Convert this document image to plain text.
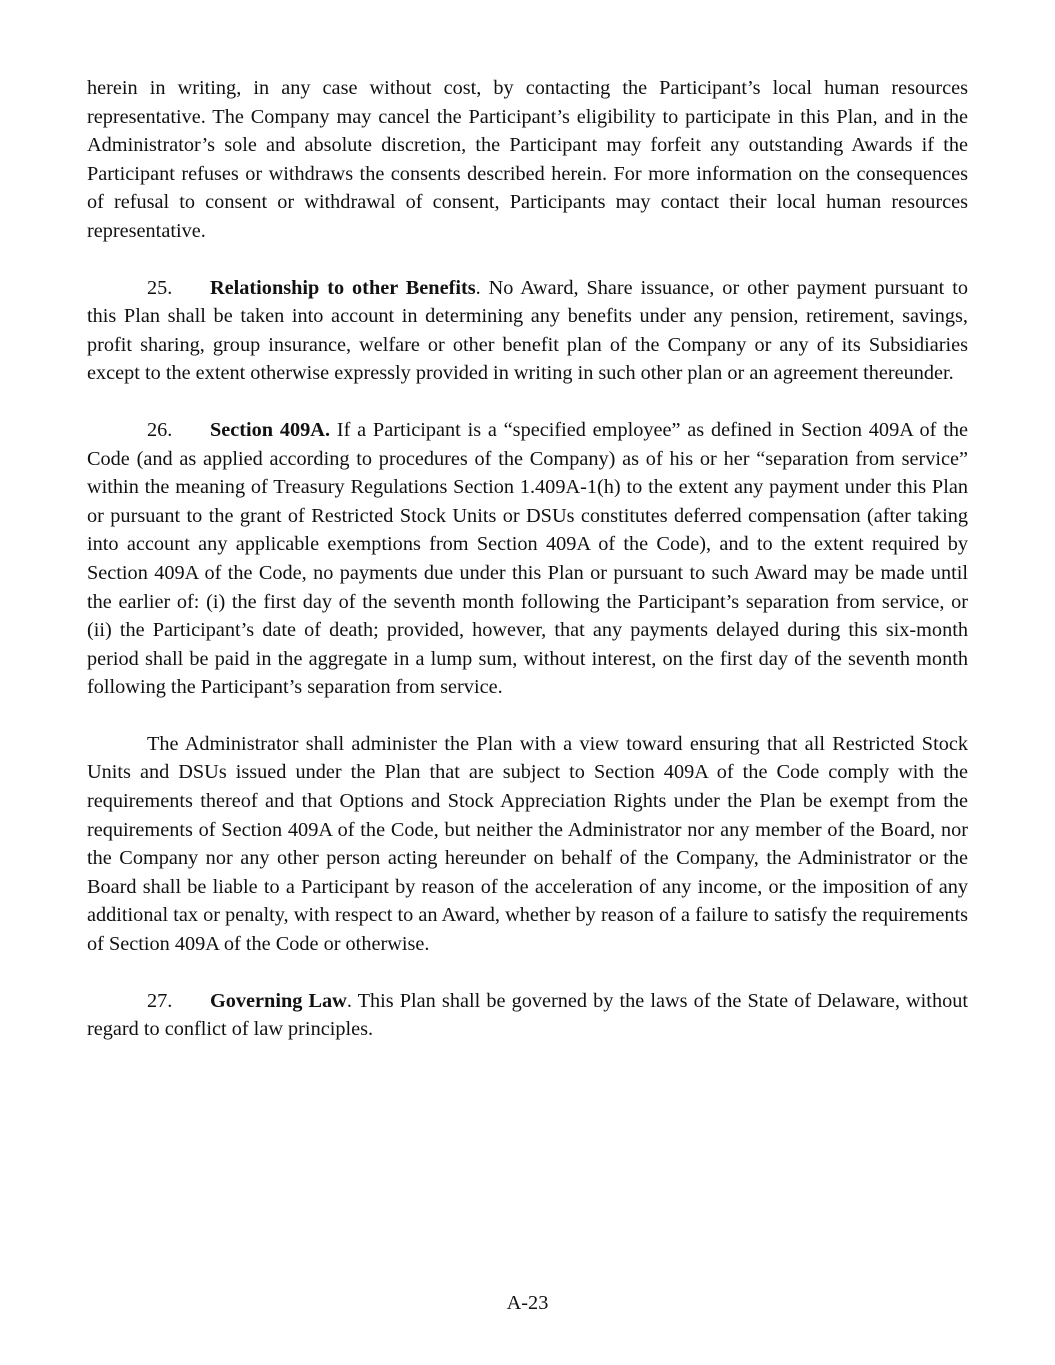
herein in writing, in any case without cost, by contacting the Participant’s local human resources representative. The Company may cancel the Participant’s eligibility to participate in this Plan, and in the Administrator’s sole and absolute discretion, the Participant may forfeit any outstanding Awards if the Participant refuses or withdraws the consents described herein. For more information on the consequences of refusal to consent or withdrawal of consent, Participants may contact their local human resources representative.

25. Relationship to other Benefits. No Award, Share issuance, or other payment pursuant to this Plan shall be taken into account in determining any benefits under any pension, retirement, savings, profit sharing, group insurance, welfare or other benefit plan of the Company or any of its Subsidiaries except to the extent otherwise expressly provided in writing in such other plan or an agreement thereunder.

26. Section 409A. If a Participant is a “specified employee” as defined in Section 409A of the Code (and as applied according to procedures of the Company) as of his or her “separation from service” within the meaning of Treasury Regulations Section 1.409A-1(h) to the extent any payment under this Plan or pursuant to the grant of Restricted Stock Units or DSUs constitutes deferred compensation (after taking into account any applicable exemptions from Section 409A of the Code), and to the extent required by Section 409A of the Code, no payments due under this Plan or pursuant to such Award may be made until the earlier of: (i) the first day of the seventh month following the Participant’s separation from service, or (ii) the Participant’s date of death; provided, however, that any payments delayed during this six-month period shall be paid in the aggregate in a lump sum, without interest, on the first day of the seventh month following the Participant’s separation from service.

The Administrator shall administer the Plan with a view toward ensuring that all Restricted Stock Units and DSUs issued under the Plan that are subject to Section 409A of the Code comply with the requirements thereof and that Options and Stock Appreciation Rights under the Plan be exempt from the requirements of Section 409A of the Code, but neither the Administrator nor any member of the Board, nor the Company nor any other person acting hereunder on behalf of the Company, the Administrator or the Board shall be liable to a Participant by reason of the acceleration of any income, or the imposition of any additional tax or penalty, with respect to an Award, whether by reason of a failure to satisfy the requirements of Section 409A of the Code or otherwise.

27. Governing Law. This Plan shall be governed by the laws of the State of Delaware, without regard to conflict of law principles.

A-23
